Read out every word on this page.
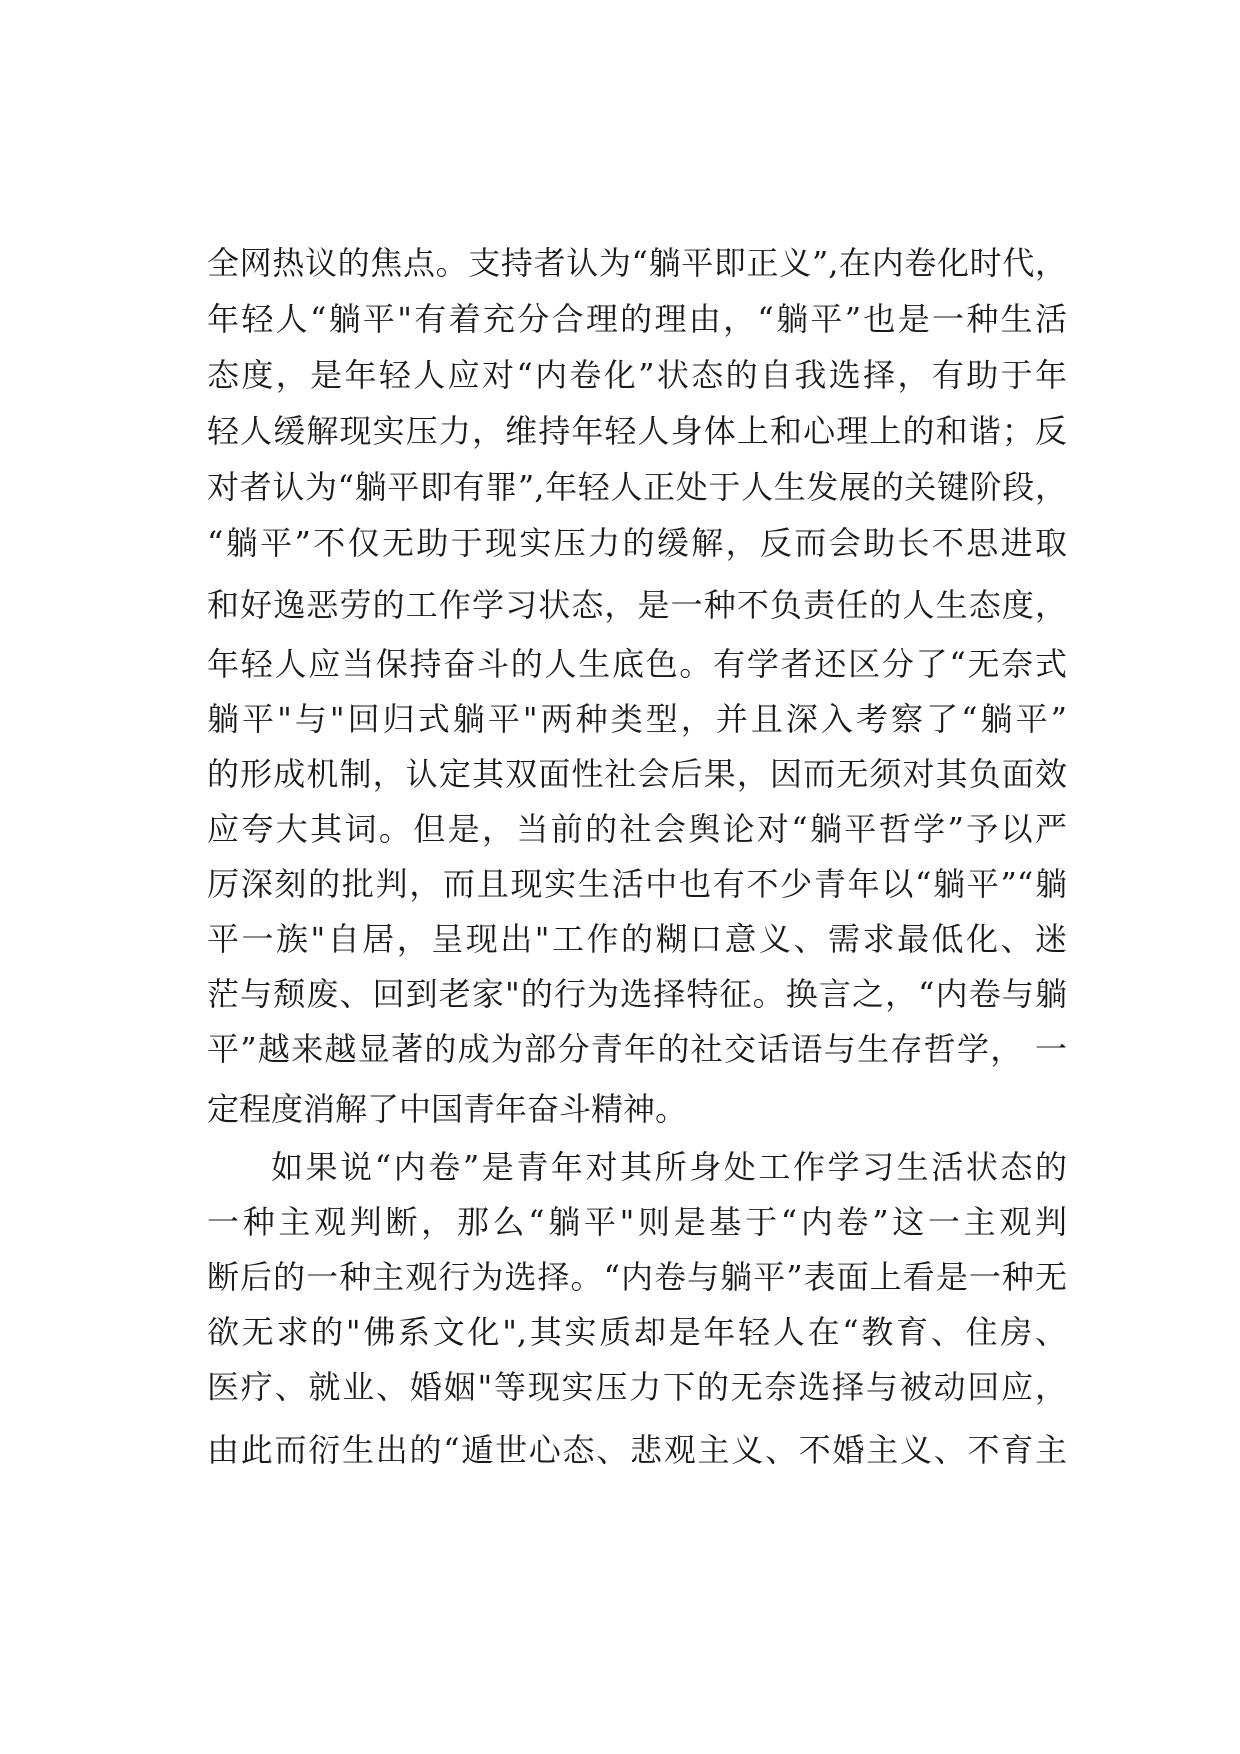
全网热议的焦点。支持者认为“躺平即正义”,在内卷化时代，
年轻人“躺平"有着充分合理的理由，“躺平”也是一种生活
态度，是年轻人应对“内卷化”状态的自我选择，有助于年
轻人缓解现实压力，维持年轻人身体上和心理上的和谐；反
对者认为“躺平即有罪”,年轻人正处于人生发展的关键阶段，
“躺平”不仅无助于现实压力的缓解，反而会助长不思进取
和好逸恶劳的工作学习状态，是一种不负责任的人生态度，
年轻人应当保持奋斗的人生底色。有学者还区分了“无奈式
躺平"与"回归式躺平"两种类型，并且深入考察了“躺平”
的形成机制，认定其双面性社会后果，因而无须对其负面效
应夸大其词。但是，当前的社会舆论对“躺平哲学”予以严
厉深刻的批判，而且现实生活中也有不少青年以“躺平”“躺
平一族"自居，呈现出"工作的糊口意义、需求最低化、迷
茫与颓废、回到老家"的行为选择特征。换言之，“内卷与躺
平”越来越显著的成为部分青年的社交话语与生存哲学， 一
定程度消解了中国青年奋斗精神。
如果说“内卷”是青年对其所身处工作学习生活状态的
一种主观判断，那么“躺平"则是基于“内卷”这一主观判
断后的一种主观行为选择。“内卷与躺平”表面上看是一种无
欲无求的"佛系文化",其实质却是年轻人在“教育、住房、
医疗、就业、婚姻"等现实压力下的无奈选择与被动回应，
由此而衍生出的“遁世心态、悲观主义、不婚主义、不育主
